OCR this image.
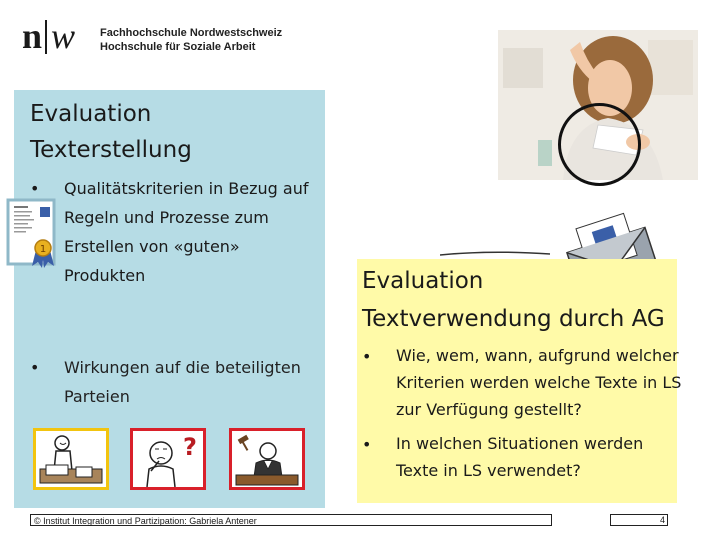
n w Fachhochschule Nordwestschweiz
Hochschule für Soziale Arbeit
Evaluation
Texterstellung
• Qualitätskriterien in Bezug auf Regeln und Prozesse zum Erstellen von «guten» Produkten
• Wirkungen auf die beteiligten Parteien
1
?
Evaluation
Textverwendung durch AG
• Wie, wem, wann, aufgrund welcher Kriterien werden welche Texte in LS zur Verfügung gestellt?
• In welchen Situationen werden Texte in LS verwendet?
© Institut Integration und Partizipation: Gabriela Antener	4
